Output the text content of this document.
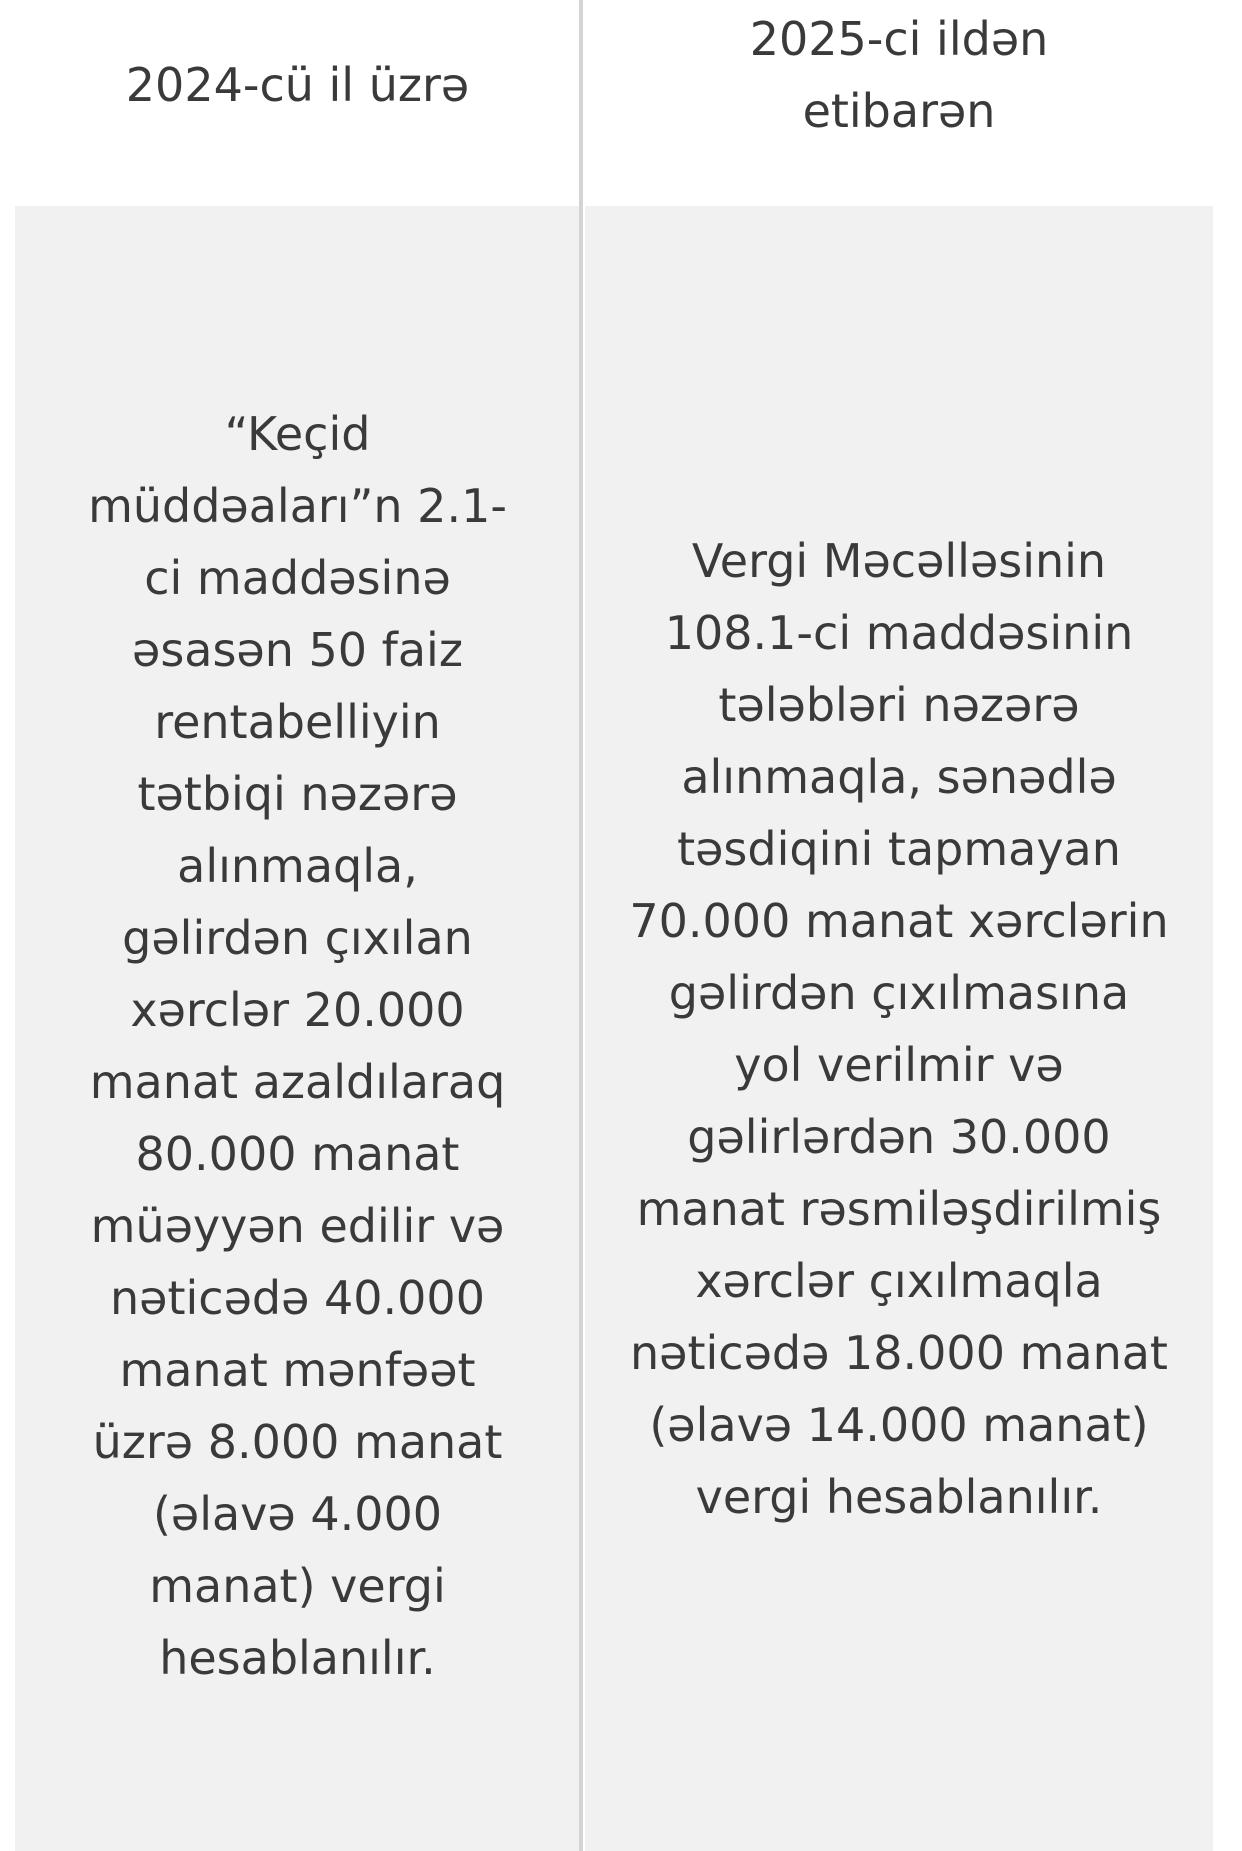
2024-cü il üzrə
2025-ci ildən etibarən
“Keçid müddəaları”n 2.1-ci maddəsinə əsasən 50 faiz rentabelliyin tətbiqi nəzərə alınmaqla, gəlirdən çıxılan xərclər 20.000 manat azaldılaraq 80.000 manat müəyyən edilir və nəticədə 40.000 manat mənfəət üzrə 8.000 manat (əlavə 4.000 manat) vergi hesablanılır.
Vergi Məcəlləsinin 108.1-ci maddəsinin tələbləri nəzərə alınmaqla, sənədlə təsdiqini tapmayan 70.000 manat xərclərin gəlirdən çıxılmasına yol verilmir və gəlirlərdən 30.000 manat rəsmiləşdirilmiş xərclər çıxılmaqla nəticədə 18.000 manat (əlavə 14.000 manat) vergi hesablanılır.
